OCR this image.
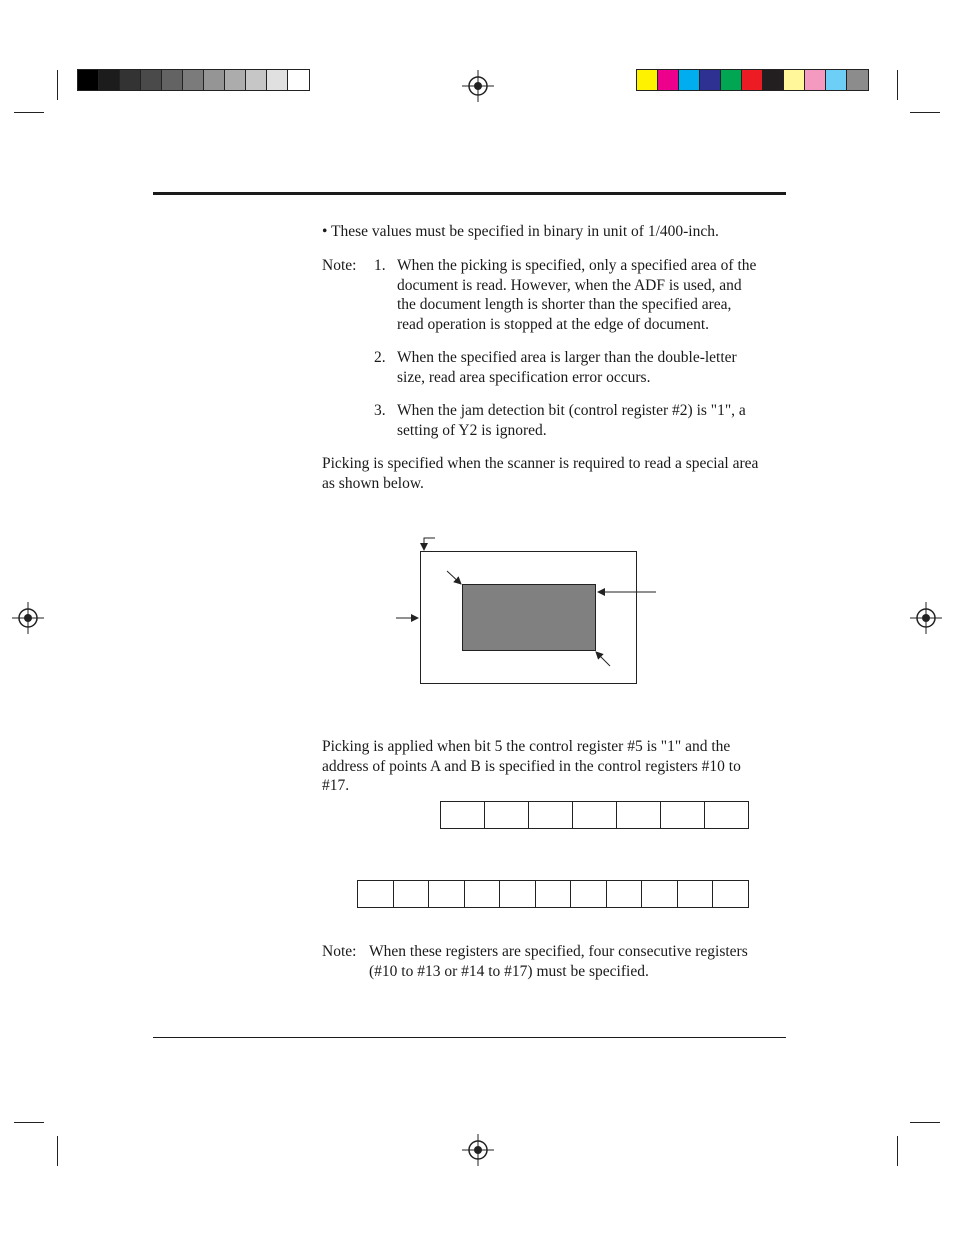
• These values must be specified in binary in unit of 1/400-inch.
Note: 1. When the picking is specified, only a specified area of the
document is read. However, when the ADF is used, and
the document length is shorter than the specified area,
read operation is stopped at the edge of document.
2. When the specified area is larger than the double-letter
size, read area specification error occurs.
3. When the jam detection bit (control register #2) is "1", a
setting of Y2 is ignored.
Picking is specified when the scanner is required to read a special area
as shown below.
Picking is applied when bit 5 the control register #5 is "1" and the
address of points A and B is specified in the control registers #10 to
#17.
Note: When these registers are specified, four consecutive registers
(#10 to #13 or #14 to #17) must be specified.
